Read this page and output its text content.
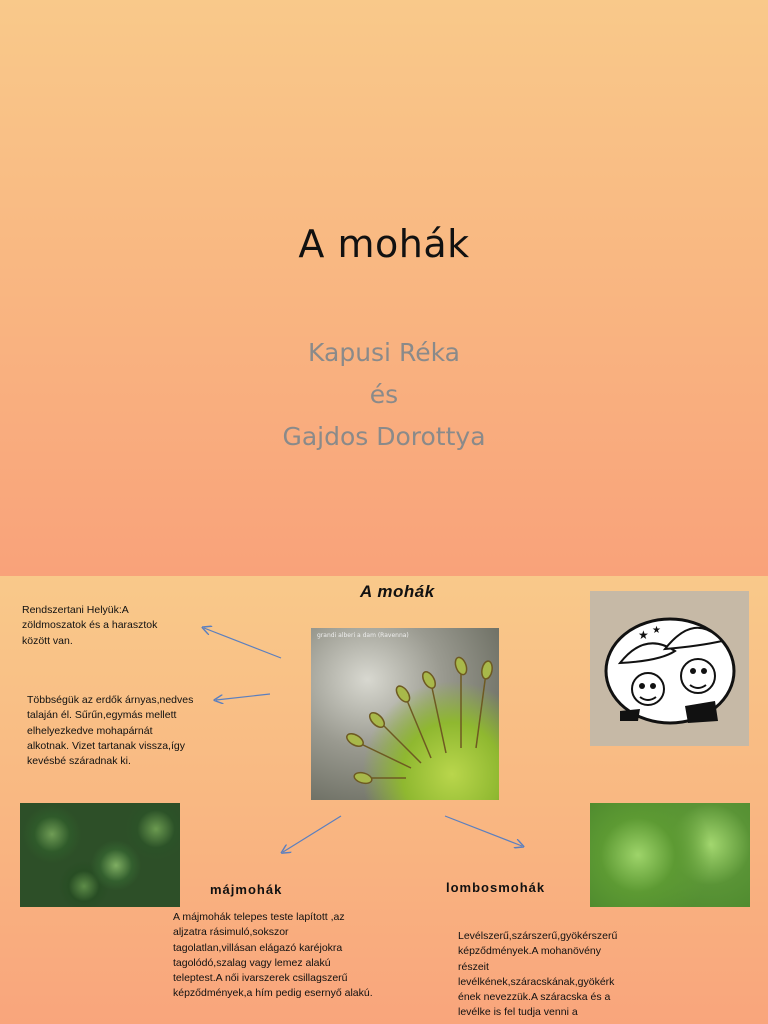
A mohák
Kapusi Réka
és
Gajdos Dorottya
A mohák
Rendszertani Helyük:A zöldmoszatok és a harasztok között van.
Többségük az erdők árnyas,nedves talaján él. Sűrűn,egymás mellett elhelyezkedve mohapárnát alkotnak. Vizet tartanak vissza,így kevésbé száradnak ki.
grandi alberi a dam (Ravenna)	★ ★
májmohák	lombosmohák
A májmohák telepes teste lapított ,az aljzatra rásimuló,sokszor tagolatlan,villásan elágazó karéjokra tagolódó,szalag vagy lemez alakú teleptest.A női ivarszerek csillagszerű képződmények,a hím pedig esernyő alakú.
Levélszerű,szárszerű,gyökérszerű képződmények.A mohanövény részeit levélkének,száracskának,gyökérk ének nevezzük.A száracska és a levélke is fel tudja venni a
